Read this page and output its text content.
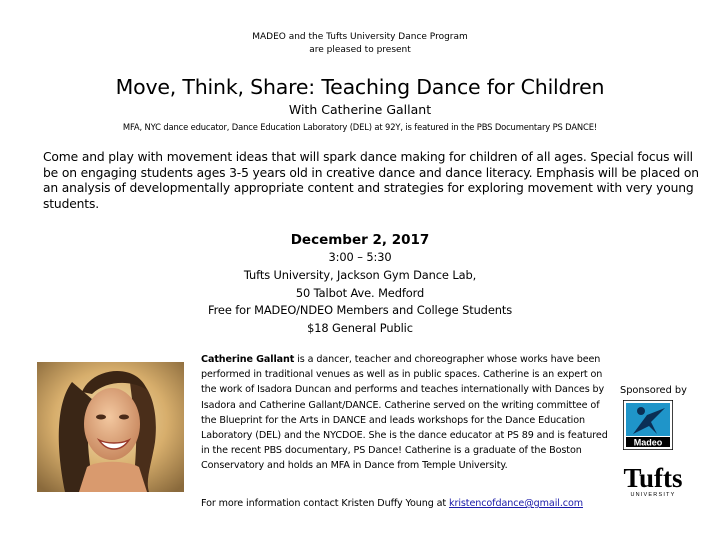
MADEO and the Tufts University Dance Program
are pleased to present
Move, Think, Share: Teaching Dance for Children
With Catherine Gallant
MFA, NYC dance educator, Dance Education Laboratory (DEL) at 92Y, is featured in the PBS Documentary PS DANCE!
Come and play with movement ideas that will spark dance making for children of all ages. Special focus will be on engaging students ages 3-5 years old in creative dance and dance literacy. Emphasis will be placed on an analysis of developmentally appropriate content and strategies for exploring movement with very young students.
December 2, 2017
3:00 – 5:30
Tufts University, Jackson Gym Dance Lab,
50 Talbot Ave. Medford
Free for MADEO/NDEO Members and College Students
$18 General Public
Catherine Gallant is a dancer, teacher and choreographer whose works have been performed in traditional venues as well as in public spaces. Catherine is an expert on the work of Isadora Duncan and performs and teaches internationally with Dances by Isadora and Catherine Gallant/DANCE. Catherine served on the writing committee of the Blueprint for the Arts in DANCE and leads workshops for the Dance Education Laboratory (DEL) and the NYCDOE. She is the dance educator at PS 89 and is featured in the recent PBS documentary, PS Dance! Catherine is a graduate of the Boston Conservatory and holds an MFA in Dance from Temple University.
For more information contact Kristen Duffy Young at kristencofdance@gmail.com
Sponsored by
Madeo
Tufts
UNIVERSITY
